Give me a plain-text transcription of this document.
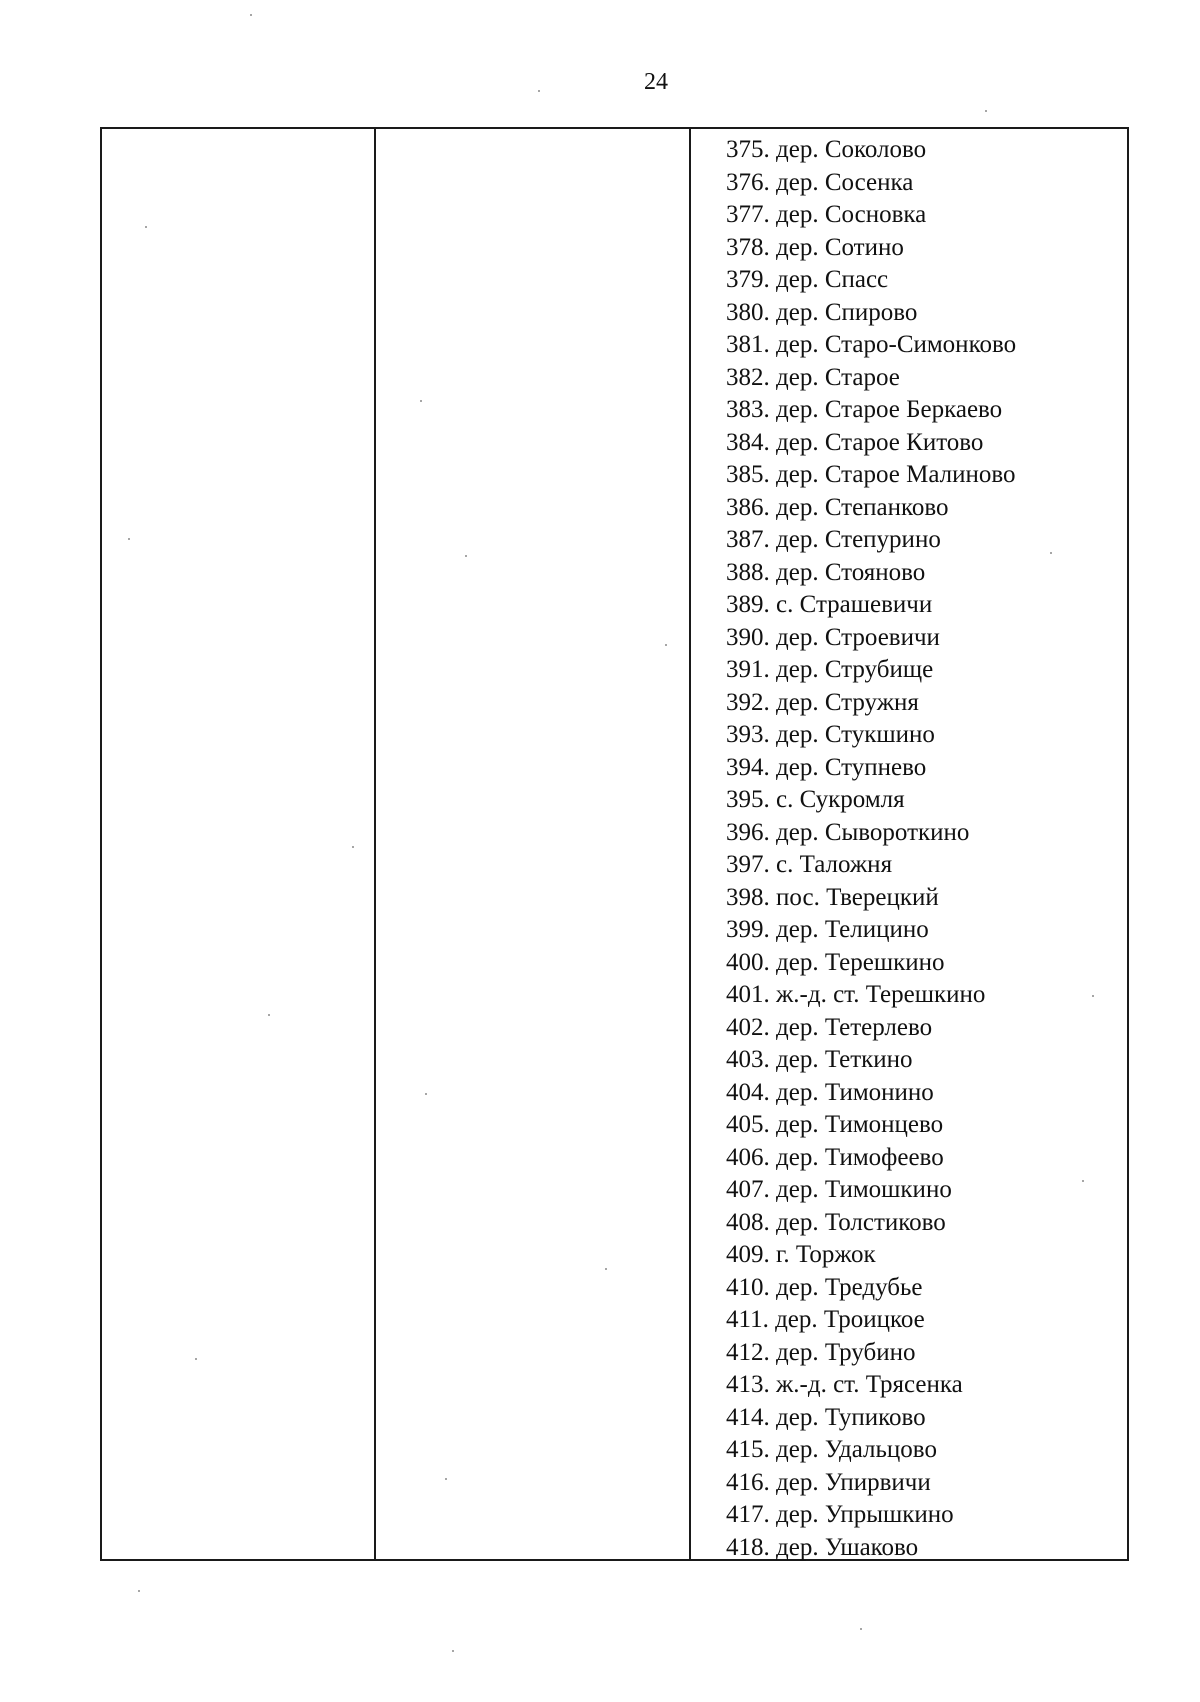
24
375. дер. Соколово
376. дер. Сосенка
377. дер. Сосновка
378. дер. Сотино
379. дер. Спасс
380. дер. Спирово
381. дер. Старо-Симонково
382. дер. Старое
383. дер. Старое Беркаево
384. дер. Старое Китово
385. дер. Старое Малиново
386. дер. Степанково
387. дер. Степурино
388. дер. Стояново
389. с. Страшевичи
390. дер. Строевичи
391. дер. Струбище
392. дер. Стружня
393. дер. Стукшино
394. дер. Ступнево
395. с. Сукромля
396. дер. Сывороткино
397. с. Таложня
398. пос. Тверецкий
399. дер. Телицино
400. дер. Терешкино
401. ж.-д. ст. Терешкино
402. дер. Тетерлево
403. дер. Теткино
404. дер. Тимонино
405. дер. Тимонцево
406. дер. Тимофеево
407. дер. Тимошкино
408. дер. Толстиково
409. г. Торжок
410. дер. Тредубье
411. дер. Троицкое
412. дер. Трубино
413. ж.-д. ст. Трясенка
414. дер. Тупиково
415. дер. Удальцово
416. дер. Упирвичи
417. дер. Упрышкино
418. дер. Ушаково
